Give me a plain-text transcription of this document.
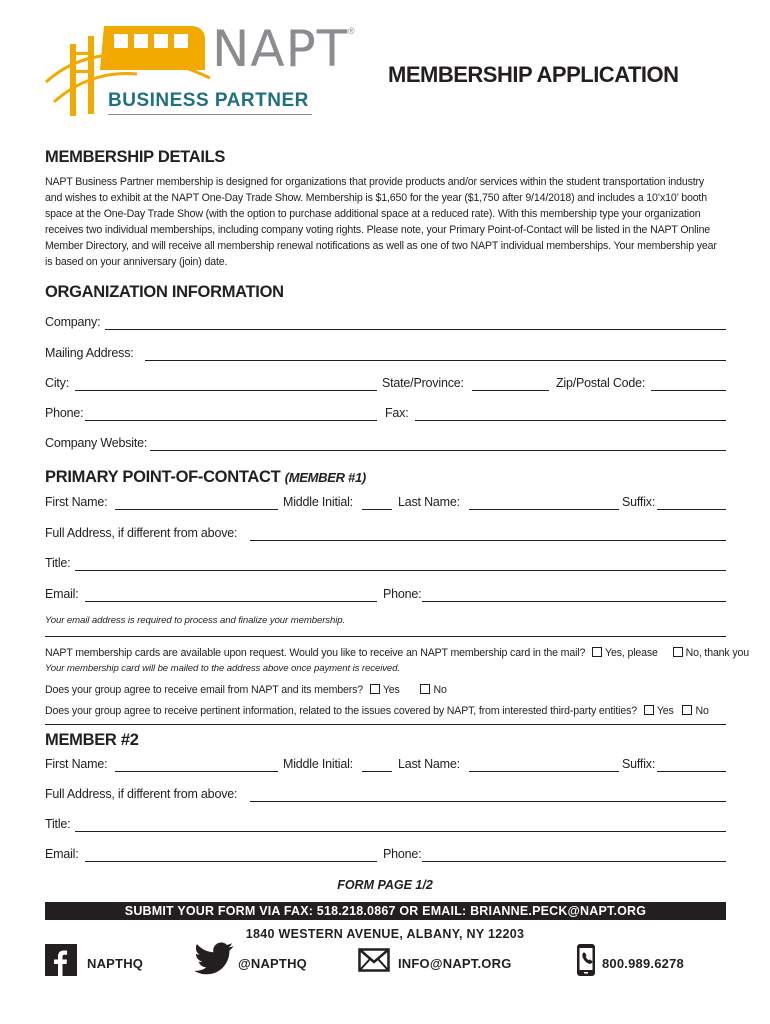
NAPT ®
BUSINESS PARTNER
MEMBERSHIP APPLICATION
MEMBERSHIP DETAILS
NAPT Business Partner membership is designed for organizations that provide products and/or services within the student transportation industry
and wishes to exhibit at the NAPT One-Day Trade Show. Membership is $1,650 for the year ($1,750 after 9/14/2018) and includes a 10’x10’ booth
space at the One-Day Trade Show (with the option to purchase additional space at a reduced rate). With this membership type your organization
receives two individual memberships, including company voting rights. Please note, your Primary Point-of-Contact will be listed in the NAPT Online
Member Directory, and will receive all membership renewal notifications as well as one of two NAPT individual memberships. Your membership year
is based on your anniversary (join) date.
ORGANIZATION INFORMATION
Company:
Mailing Address:
City:	State/Province:	Zip/Postal Code:
Phone:	Fax:
Company Website:
PRIMARY POINT-OF-CONTACT (MEMBER #1)
First Name:	Middle Initial:	Last Name:	Suffix:
Full Address, if different from above:
Title:
Email:	Phone:
Your email address is required to process and finalize your membership.
NAPT membership cards are available upon request. Would you like to receive an NAPT membership card in the mail? Yes, please	No, thank you
Your membership card will be mailed to the address above once payment is received.
Does your group agree to receive email from NAPT and its members? Yes	No
Does your group agree to receive pertinent information, related to the issues covered by NAPT, from interested third-party entities? Yes No
MEMBER #2
First Name:	Middle Initial:	Last Name:	Suffix:
Full Address, if different from above:
Title:
Email:	Phone:
FORM PAGE 1/2
SUBMIT YOUR FORM VIA FAX: 518.218.0867 OR EMAIL: BRIANNE.PECK@NAPT.ORG
1840 WESTERN AVENUE, ALBANY, NY 12203
NAPTHQ	@NAPTHQ	INFO@NAPT.ORG	800.989.6278
